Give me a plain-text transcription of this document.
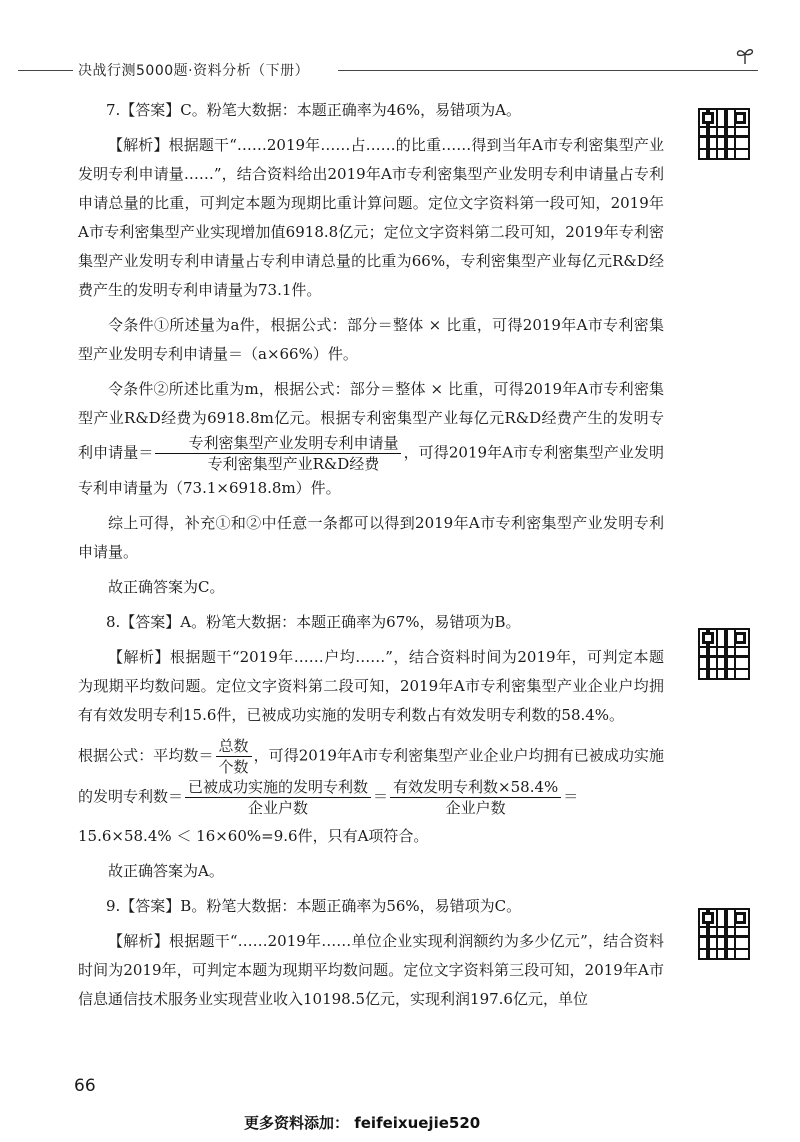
决战行测5000题·资料分析（下册）

7.【答案】C。粉笔大数据：本题正确率为46%，易错项为A。

【解析】根据题干“……2019年……占……的比重……得到当年A市专利密集型产业发明专利申请量……”，结合资料给出2019年A市专利密集型产业发明专利申请量占专利申请总量的比重，可判定本题为现期比重计算问题。定位文字资料第一段可知，2019年A市专利密集型产业实现增加值6918.8亿元；定位文字资料第二段可知，2019年专利密集型产业发明专利申请量占专利申请总量的比重为66%，专利密集型产业每亿元R&D经费产生的发明专利申请量为73.1件。

令条件①所述量为a件，根据公式：部分＝整体 × 比重，可得2019年A市专利密集型产业发明专利申请量＝（a×66%）件。

令条件②所述比重为m，根据公式：部分＝整体 × 比重，可得2019年A市专利密集型产业R&D经费为6918.8m亿元。根据专利密集型产业每亿元R&D经费产生的发明专利申请量＝ $\frac{\text{专利密集型产业发明专利申请量}}{\text{专利密集型产业R\&D经费}}$ ，可得2019年A市专利密集型产业发明专利申请量为（73.1×6918.8m）件。

综上可得，补充①和②中任意一条都可以得到2019年A市专利密集型产业发明专利申请量。

故正确答案为C。

8.【答案】A。粉笔大数据：本题正确率为67%，易错项为B。

【解析】根据题干“2019年……户均……”，结合资料时间为2019年，可判定本题为现期平均数问题。定位文字资料第二段可知，2019年A市专利密集型产业企业户均拥有有效发明专利15.6件，已被成功实施的发明专利数占有效发明专利数的58.4%。

根据公式：平均数＝ $\frac{\text{总数}}{\text{个数}}$ ，可得2019年A市专利密集型产业企业户均拥有已被成功实施的发明专利数＝ $\frac{\text{已被成功实施的发明专利数}}{\text{企业户数}} = \frac{\text{有效发明专利数×58.4\%}}{\text{企业户数}}$ ＝

15.6×58.4% ＜ 16×60%=9.6件，只有A项符合。

故正确答案为A。

9.【答案】B。粉笔大数据：本题正确率为56%，易错项为C。

【解析】根据题干“……2019年……单位企业实现利润额约为多少亿元”，结合资料时间为2019年，可判定本题为现期平均数问题。定位文字资料第三段可知，2019年A市信息通信技术服务业实现营业收入10198.5亿元，实现利润197.6亿元，单位

66
更多资料添加： feifeixuejie520
